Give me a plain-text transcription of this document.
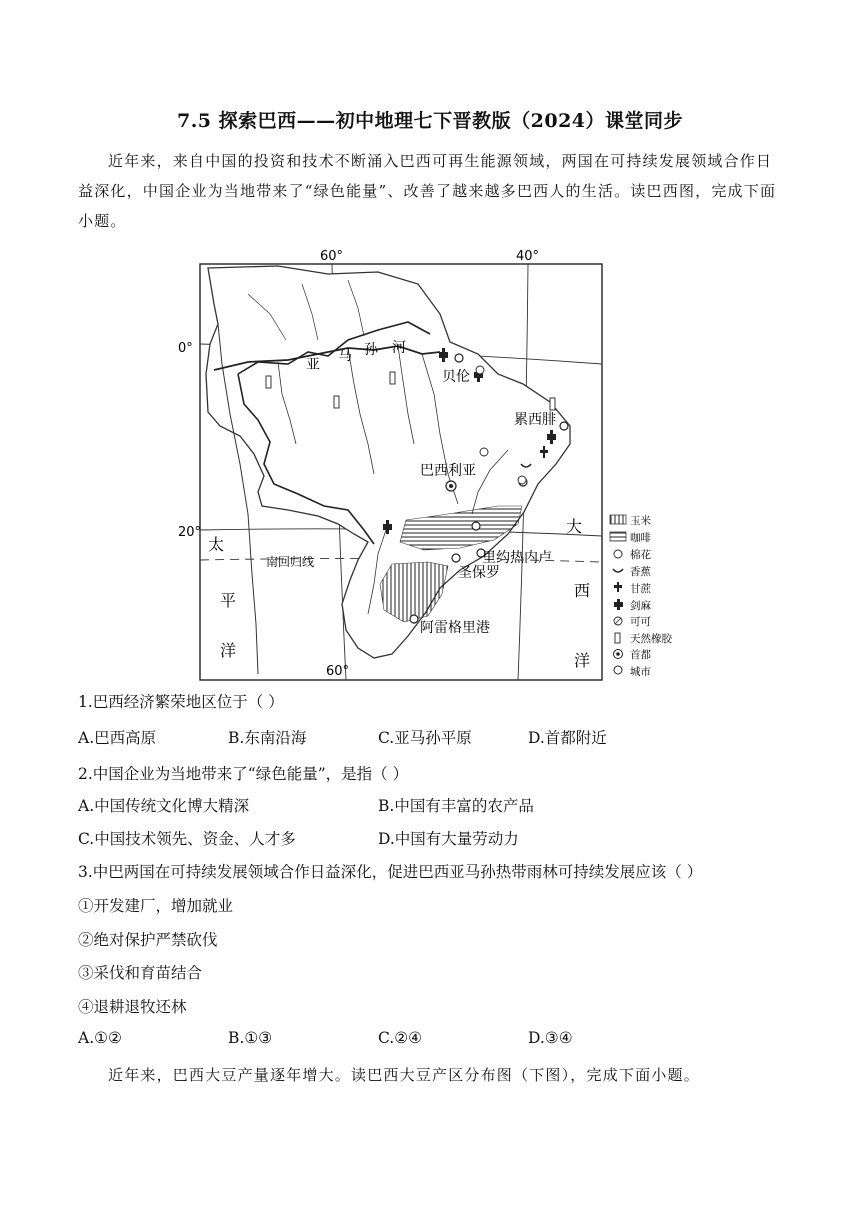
7.5 探索巴西——初中地理七下晋教版（2024）课堂同步
近年来，来自中国的投资和技术不断涌入巴西可再生能源领域，两国在可持续发展领域合作日益深化，中国企业为当地带来了“绿色能量”、改善了越来越多巴西人的生活。读巴西图，完成下面小题。
60°	40°
60°
0°
20°
亚
马 孙 河
贝伦
累西腓
巴西利亚
里约热内卢
圣保罗
阿雷格里港
南回归线
大
西
洋
太
平
洋
玉米
咖啡
棉花
香蕉
甘蔗
剑麻
可可
天然橡胶
首都
城市
1.巴西经济繁荣地区位于（ ）
A.巴西高原	B.东南沿海	C.亚马孙平原	D.首都附近
2.中国企业为当地带来了“绿色能量”，是指（ ）
A.中国传统文化博大精深	B.中国有丰富的农产品
C.中国技术领先、资金、人才多	D.中国有大量劳动力
3.中巴两国在可持续发展领域合作日益深化，促进巴西亚马孙热带雨林可持续发展应该（ ）
①开发建厂，增加就业
②绝对保护严禁砍伐
③采伐和育苗结合
④退耕退牧还林
A.①②	B.①③	C.②④	D.③④
近年来，巴西大豆产量逐年增大。读巴西大豆产区分布图（下图），完成下面小题。
